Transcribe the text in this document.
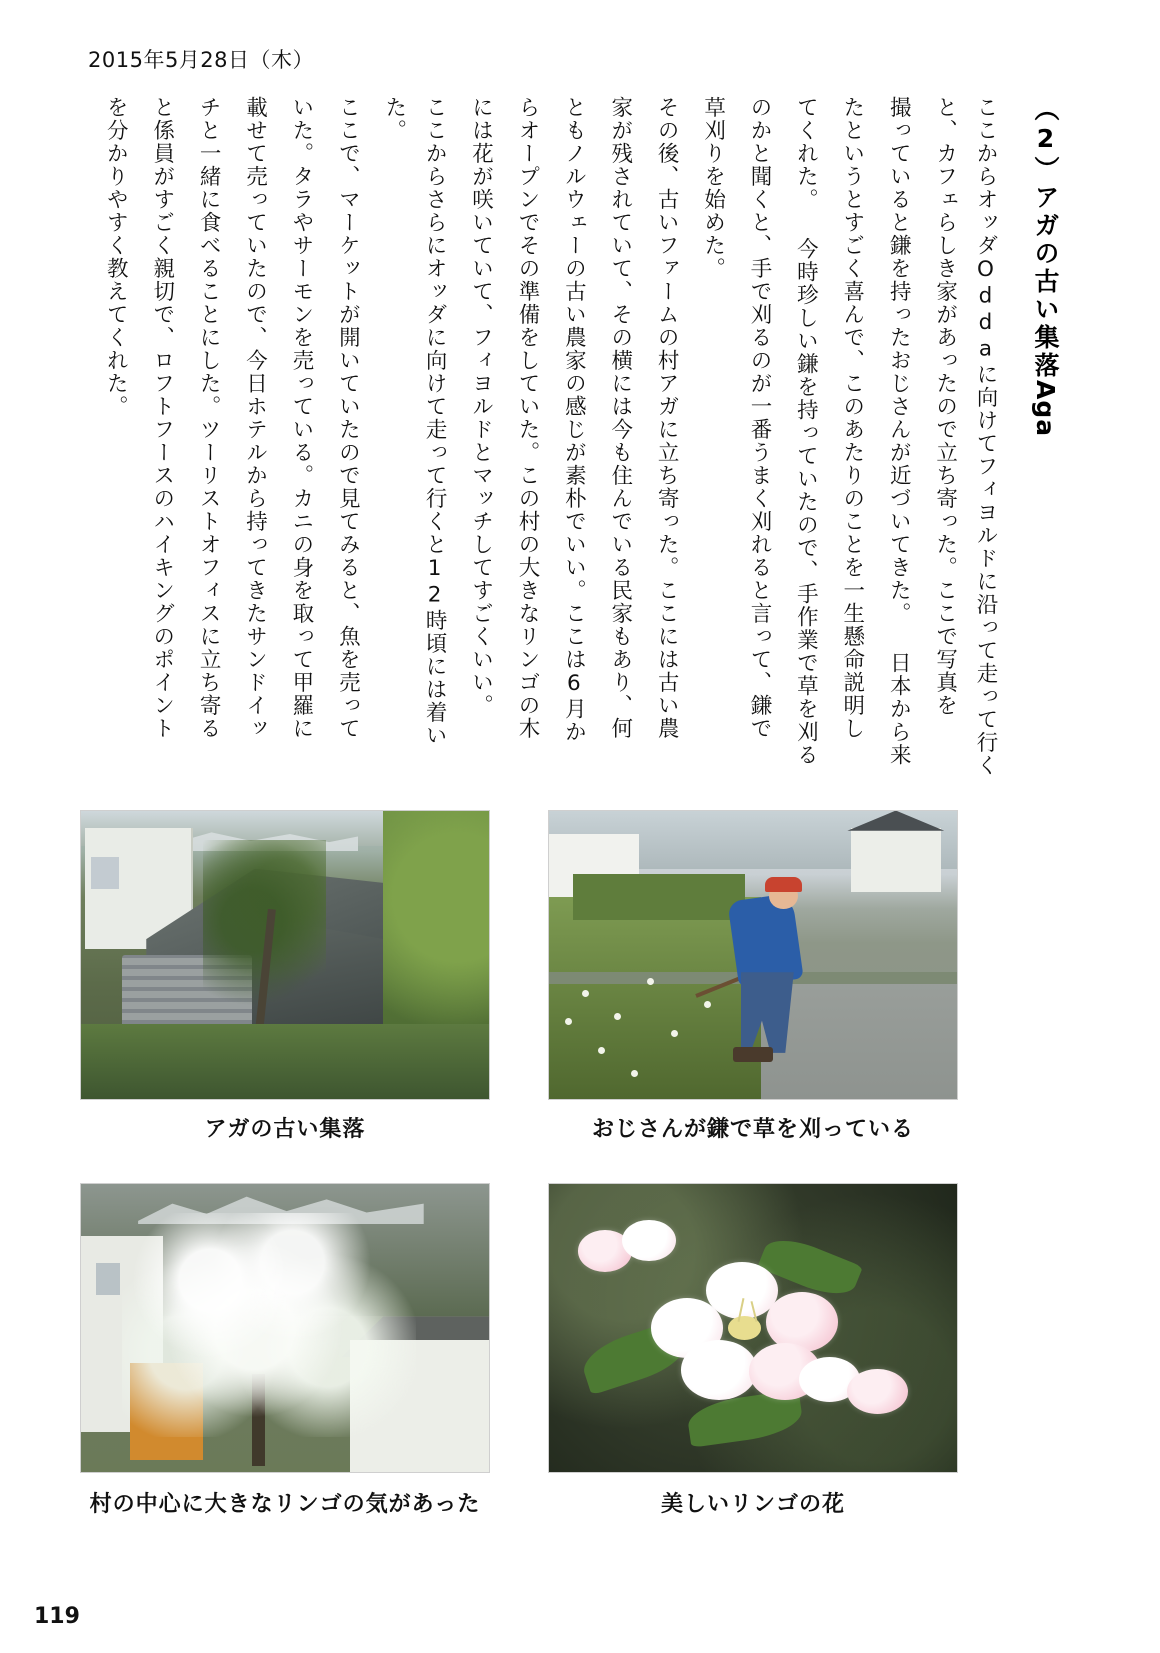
2015年5月28日（木）
（2）アガの古い集落Aga
ここからオッダOddaに向けてフィヨルドに沿って走って行くと、カフェらしき家があったので立ち寄った。ここで写真を
撮っていると鎌を持ったおじさんが近づいてきた。 日本から来
たというとすごく喜んで、このあたりのことを一生懸命説明し
てくれた。 今時珍しい鎌を持っていたので、手作業で草を刈る
のかと聞くと、手で刈るのが一番うまく刈れると言って、鎌で
草刈りを始めた。
その後、古いファームの村アガに立ち寄った。ここには古い農
家が残されていて、その横には今も住んでいる民家もあり、何
ともノルウェーの古い農家の感じが素朴でいい。ここは6月か
らオープンでその準備をしていた。この村の大きなリンゴの木
には花が咲いていて、フィヨルドとマッチしてすごくいい。
ここからさらにオッダに向けて走って行くと12時頃には着いた。
ここで、マーケットが開いていたので見てみると、魚を売って
いた。タラやサーモンを売っている。カニの身を取って甲羅に
載せて売っていたので、今日ホテルから持ってきたサンドイッ
チと一緒に食べることにした。ツーリストオフィスに立ち寄る
と係員がすごく親切で、ロフトフースのハイキングのポイント
を分かりやすく教えてくれた。
アガの古い集落	おじさんが鎌で草を刈っている
村の中心に大きなリンゴの気があった	美しいリンゴの花
119
